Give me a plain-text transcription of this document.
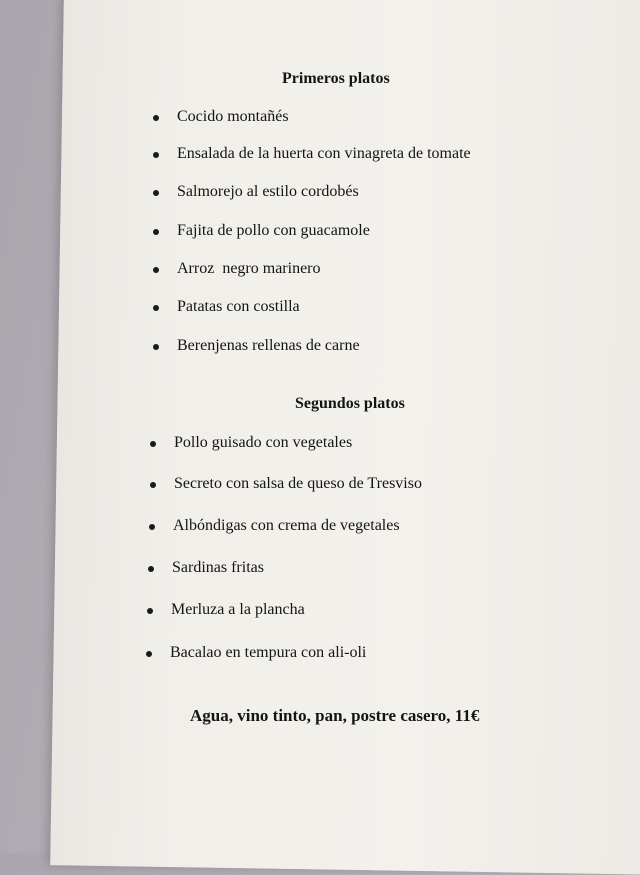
Primeros platos
Cocido montañés
Ensalada de la huerta con vinagreta de tomate
Salmorejo al estilo cordobés
Fajita de pollo con guacamole
Arroz  negro marinero
Patatas con costilla
Berenjenas rellenas de carne
Segundos platos
Pollo guisado con vegetales
Secreto con salsa de queso de Tresviso
Albóndigas con crema de vegetales
Sardinas fritas
Merluza a la plancha
Bacalao en tempura con ali-oli
Agua, vino tinto, pan, postre casero, 11€
